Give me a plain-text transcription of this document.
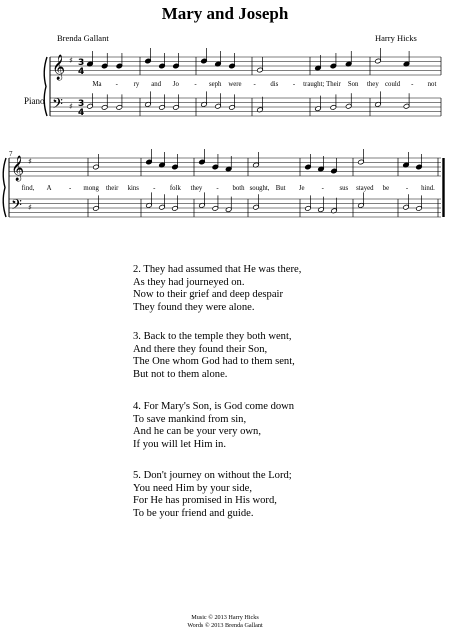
Mary and Joseph
Brenda Gallant	Harry Hicks
Piano
7
𝄞
𝄢
♯
♯
3
3
4
4
𝄞
𝄢
♯
♯
Ma - ry and Jo - seph were - dis - traught; Their Son they could - not
find, A	- mong their kins - folk they - both sought, But Je	- sus stayed be - hind.
2. They had assumed that He was there,
As they had journeyed on.
Now to their grief and deep despair
They found they were alone.
3. Back to the temple they both went,
And there they found their Son,
The One whom God had to them sent,
But not to them alone.
4. For Mary's Son, is God come down
To save mankind from sin,
And he can be your very own,
If you will let Him in.
5. Don't journey on without the Lord;
You need Him by your side,
For He has promised in His word,
To be your friend and guide.
Music © 2013 Harry Hicks
Words © 2013 Brenda Gallant
